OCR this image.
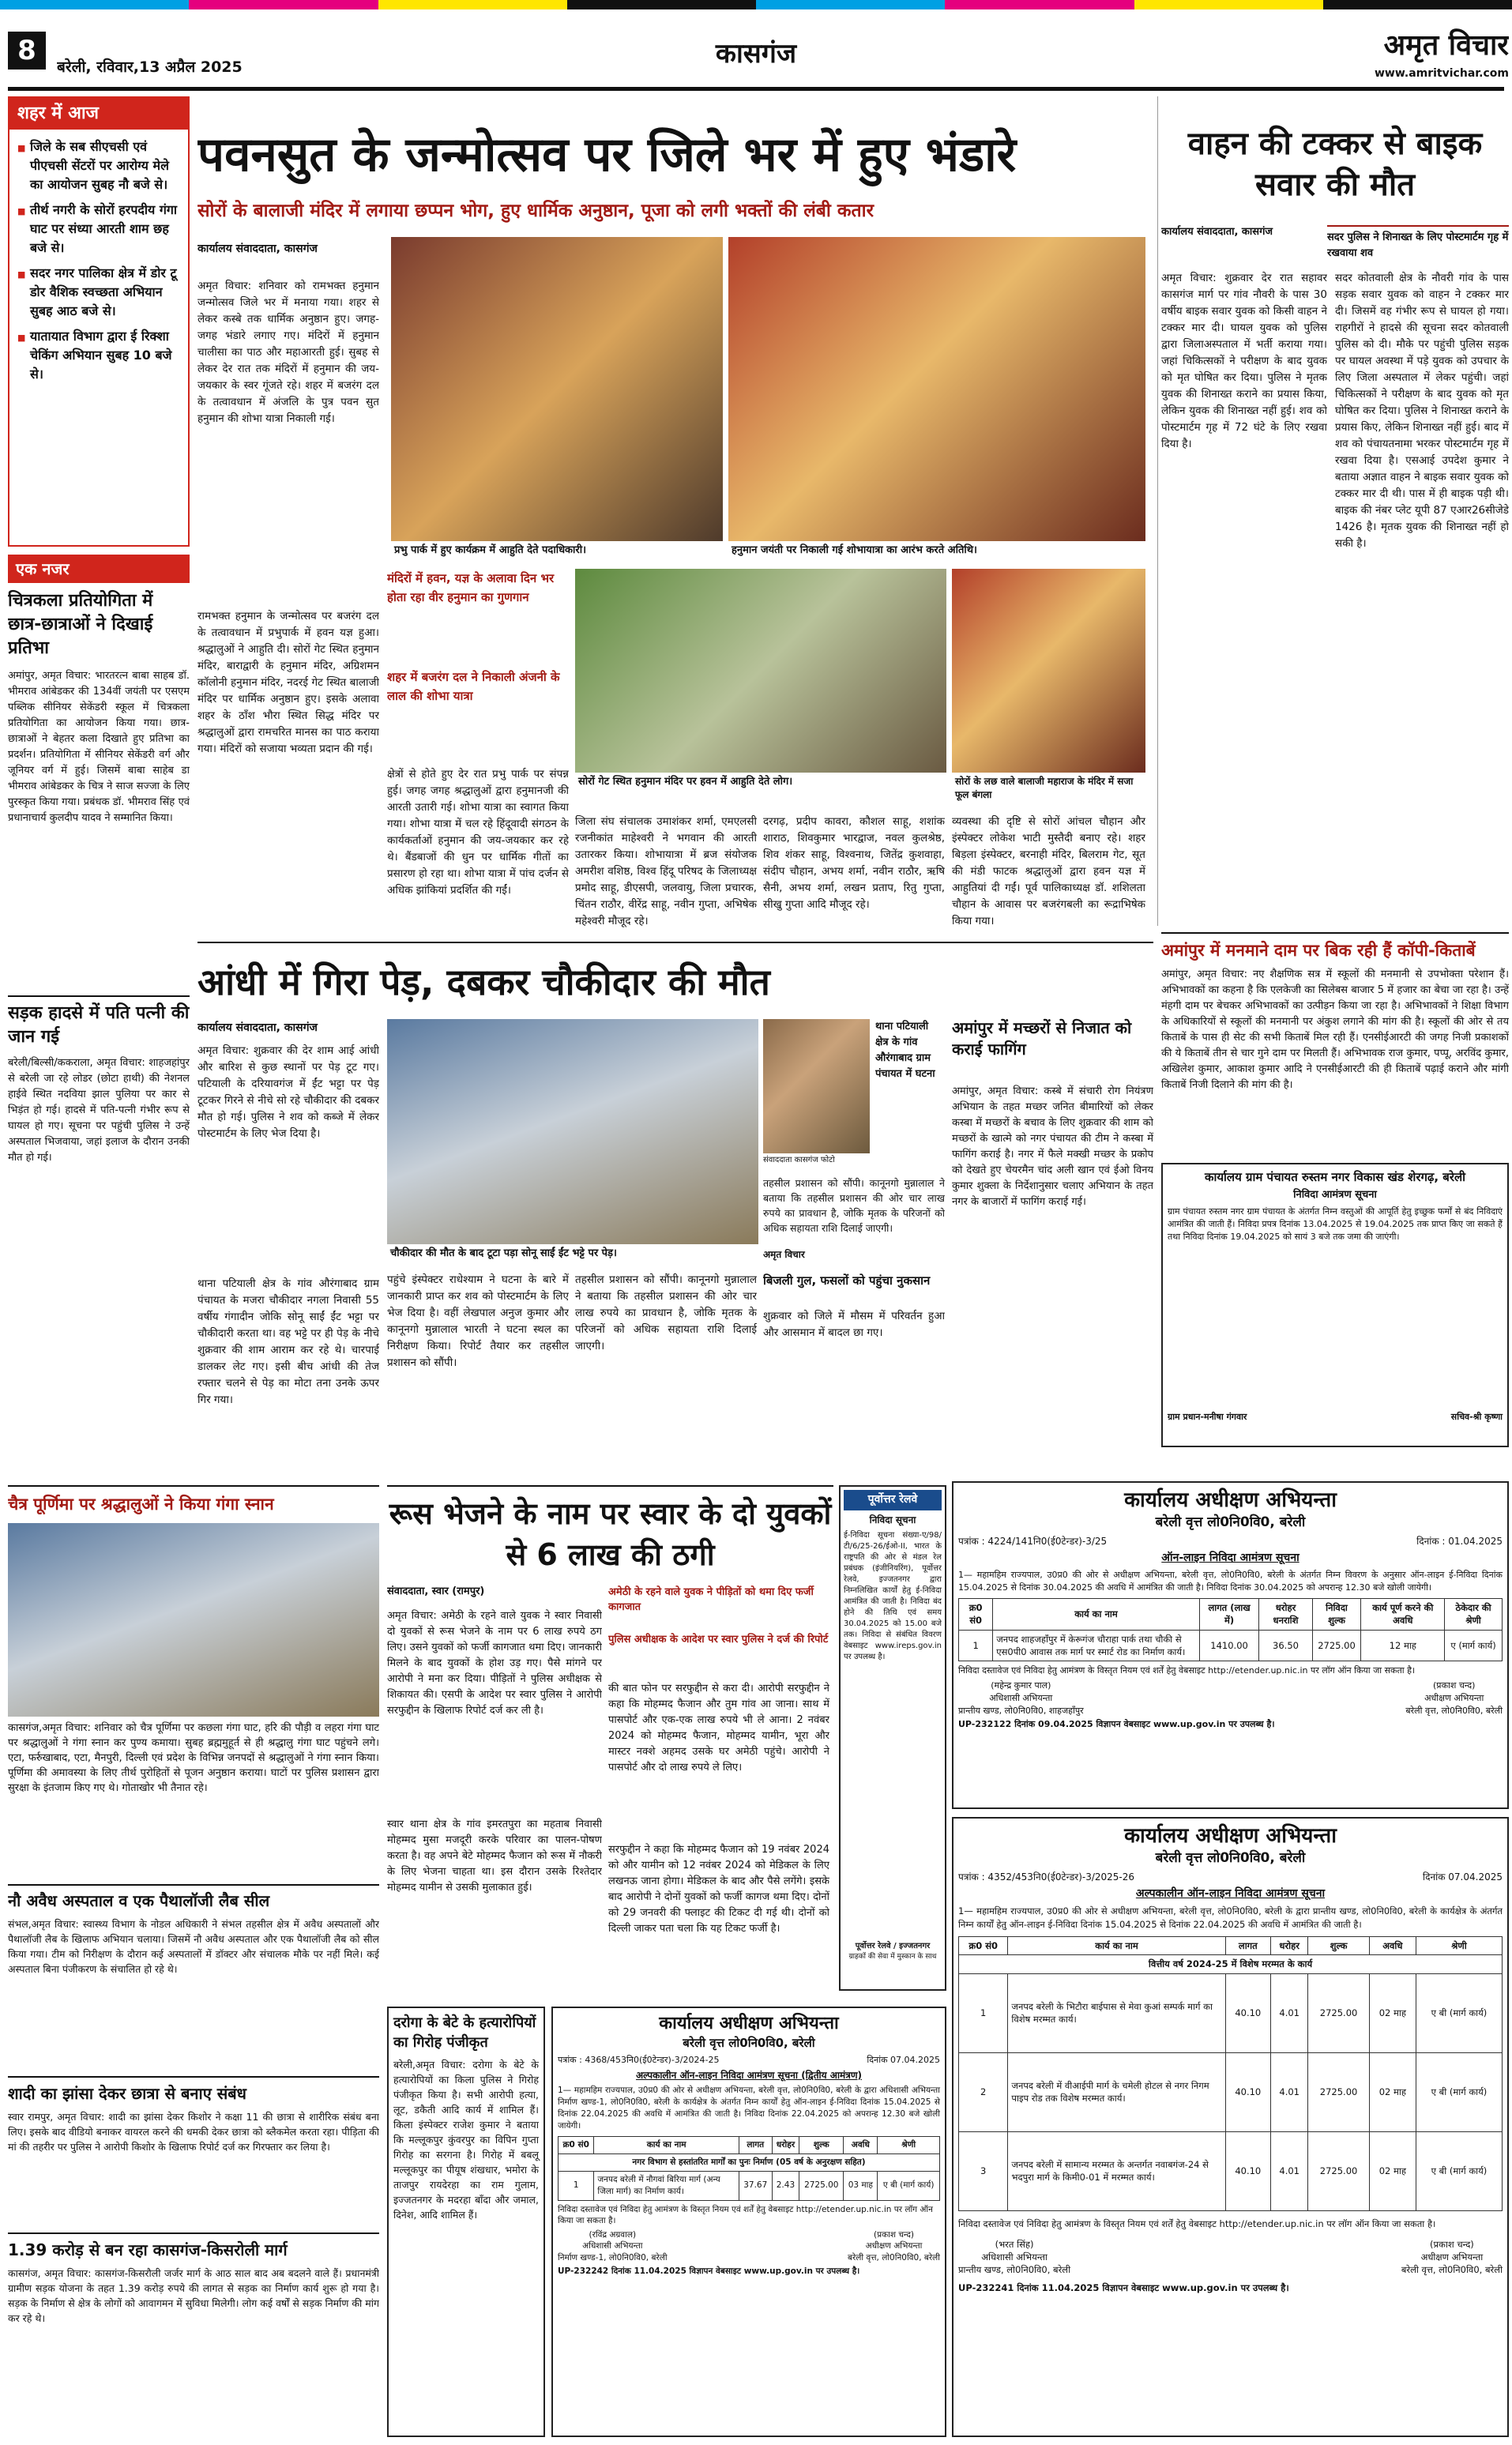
8
बरेली, रविवार,13 अप्रैल 2025	कासगंज	अमृत विचार
www.amritvichar.com
शहर में आज
■ जिले के सब सीएचसी एवं पीएचसी सेंटरों पर आरोग्य मेले का आयोजन सुबह नौ बजे से।
■ तीर्थ नगरी के सोरों हरपदीय गंगा घाट पर संध्या आरती शाम छह बजे से।
■ सदर नगर पालिका क्षेत्र में डोर टू डोर वैशिक स्वच्छता अभियान सुबह आठ बजे से।
■ यातायात विभाग द्वारा ई रिक्शा चेकिंग अभियान सुबह 10 बजे से।
एक नजर
चित्रकला प्रतियोगिता में छात्र-छात्राओं ने दिखाई प्रतिभा
अमांपुर, अमृत विचार: भारतरत्न बाबा साहब डॉ. भीमराव आंबेडकर की 134वीं जयंती पर एसएम पब्लिक सीनियर सेकेंडरी स्कूल में चित्रकला प्रतियोगिता का आयोजन किया गया। छात्र-छात्राओं ने बेहतर कला दिखाते हुए प्रतिभा का प्रदर्शन। प्रतियोगिता में सीनियर सेकेंडरी वर्ग और जूनियर वर्ग में हुई। जिसमें बाबा साहेब डा भीमराव आंबेडकर के चित्र ने साज सज्जा के लिए पुरस्कृत किया गया। प्रबंधक डॉ. भीमराव सिंह एवं प्रधानाचार्य कुलदीप यादव ने सम्मानित किया।
सड़क हादसे में पति पत्नी की जान गई
बरेली/बिल्सी/ककराला, अमृत विचार: शाहजहांपुर से बरेली जा रहे लोडर (छोटा हाथी) की नेशनल हाईवे स्थित नदविया झाल पुलिया पर कार से भिड़ंत हो गई। हादसे में पति-पत्नी गंभीर रूप से घायल हो गए। सूचना पर पहुंची पुलिस ने उन्हें अस्पताल भिजवाया, जहां इलाज के दौरान उनकी मौत हो गई।
पवनसुत के जन्मोत्सव पर जिले भर में हुए भंडारे
सोरों के बालाजी मंदिर में लगाया छप्पन भोग, हुए धार्मिक अनुष्ठान, पूजा को लगी भक्तों की लंबी कतार
कार्यालय संवाददाता, कासगंज
अमृत विचार: शनिवार को रामभक्त हनुमान जन्मोत्सव जिले भर में मनाया गया। शहर से लेकर कस्बे तक धार्मिक अनुष्ठान हुए। जगह-जगह भंडारे लगाए गए। मंदिरों में हनुमान चालीसा का पाठ और महाआरती हुई। सुबह से लेकर देर रात तक मंदिरों में हनुमान की जय-जयकार के स्वर गूंजते रहे। शहर में बजरंग दल के तत्वावधान में अंजलि के पुत्र पवन सुत हनुमान की शोभा यात्रा निकाली गई।
रामभक्त हनुमान के जन्मोत्सव पर बजरंग दल के तत्वावधान में प्रभुपार्क में हवन यज्ञ हुआ। श्रद्धालुओं ने आहुति दी। सोरों गेट स्थित हनुमान मंदिर, बाराद्वारी के हनुमान मंदिर, अग्रिशमन कॉलोनी हनुमान मंदिर, नदरई गेट स्थित बालाजी मंदिर पर धार्मिक अनुष्ठान हुए। इसके अलावा शहर के ठाँश भौरा स्थित सिद्ध मंदिर पर श्रद्धालुओं द्वारा रामचरित मानस का पाठ कराया गया। मंदिरों को सजाया भव्यता प्रदान की गई।
प्रभु पार्क में हुए कार्यक्रम में आहुति देते पदाधिकारी।	हनुमान जयंती पर निकाली गई शोभायात्रा का आरंभ करते अतिथि।
मंदिरों में हवन, यज्ञ के अलावा दिन भर होता रहा वीर हनुमान का गुणगान
शहर में बजरंग दल ने निकाली अंजनी के लाल की शोभा यात्रा
क्षेत्रों से होते हुए देर रात प्रभु पार्क पर संपन्न हुई। जगह जगह श्रद्धालुओं द्वारा हनुमानजी की आरती उतारी गई। शोभा यात्रा का स्वागत किया गया। शोभा यात्रा में चल रहे हिंदूवादी संगठन के कार्यकर्ताओं हनुमान की जय-जयकार कर रहे थे। बैंडबाजों की धुन पर धार्मिक गीतों का प्रसारण हो रहा था। शोभा यात्रा में पांच दर्जन से अधिक झांकियां प्रदर्शित की गईं।
सोरों गेट स्थित हनुमान मंदिर पर हवन में आहुति देते लोग।	सोरों के लछ वाले बालाजी महाराज के मंदिर में सजा फूल बंगला
जिला संघ संचालक उमाशंकर शर्मा, एमएलसी रजनीकांत माहेश्वरी ने भगवान की आरती उतारकर किया। शोभायात्रा में ब्रज संयोजक अमरीश वशिष्ठ, विश्व हिंदू परिषद के जिलाध्यक्ष प्रमोद साहू, डीएसपी, जलवायु, जिला प्रचारक, चिंतन राठौर, वीरेंद्र साहू, नवीन गुप्ता, अभिषेक महेश्वरी मौजूद रहे।
दरगढ़, प्रदीप कावरा, कौशल साहू, शशांक शाराठ, शिवकुमार भारद्वाज, नवल कुलश्रेष्ठ, शिव शंकर साहू, विश्वनाथ, जितेंद्र कुशवाहा, संदीप चौहान, अभय शर्मा, नवीन राठौर, ऋषि सैनी, अभय शर्मा, लखन प्रताप, रितु गुप्ता, सीखु गुप्ता आदि मौजूद रहे।
व्यवस्था की दृष्टि से सोरों आंचल चौहान और इंस्पेक्टर लोकेश भाटी मुस्तैदी बनाए रहे। शहर बिड़ला इंस्पेक्टर, बरनाही मंदिर, बिलराम गेट, सूत की मंडी फाटक श्रद्धालुओं द्वारा हवन यज्ञ में आहुतियां दी गईं। पूर्व पालिकाध्यक्ष डॉ. शशिलता चौहान के आवास पर बजरंगबली का रूद्राभिषेक किया गया।
वाहन की टक्कर से बाइक सवार की मौत
कार्यालय संवाददाता, कासगंज	सदर पुलिस ने शिनाख्त के लिए पोस्टमार्टम गृह में रखवाया शव
अमृत विचार: शुक्रवार देर रात सहावर कासगंज मार्ग पर गांव नौवरी के पास 30 वर्षीय बाइक सवार युवक को किसी वाहन ने टक्कर मार दी। घायल युवक को पुलिस द्वारा जिलाअस्पताल में भर्ती कराया गया। जहां चिकित्सकों ने परीक्षण के बाद युवक को मृत घोषित कर दिया। पुलिस ने मृतक युवक की शिनाख्त कराने का प्रयास किया, लेकिन युवक की शिनाख्त नहीं हुई। शव को पोस्टमार्टम गृह में 72 घंटे के लिए रखवा दिया है।
सदर कोतवाली क्षेत्र के नौवरी गांव के पास सड़क सवार युवक को वाहन ने टक्कर मार दी। जिसमें वह गंभीर रूप से घायल हो गया। राहगीरों ने हादसे की सूचना सदर कोतवाली पुलिस को दी। मौके पर पहुंची पुलिस सड़क पर घायल अवस्था में पड़े युवक को उपचार के लिए जिला अस्पताल में लेकर पहुंची। जहां चिकित्सकों ने परीक्षण के बाद युवक को मृत घोषित कर दिया। पुलिस ने शिनाख्त कराने के प्रयास किए, लेकिन शिनाख्त नहीं हुई। बाद में शव को पंचायतनामा भरकर पोस्टमार्टम गृह में रखवा दिया है। एसआई उपदेश कुमार ने बताया अज्ञात वाहन ने बाइक सवार युवक को टक्कर मार दी थी। पास में ही बाइक पड़ी थी। बाइक की नंबर प्लेट यूपी 87 एआर26सीजेडे 1426 है। मृतक युवक की शिनाख्त नहीं हो सकी है।
अमांपुर में मनमाने दाम पर बिक रही हैं कॉपी-किताबें
अमांपुर, अमृत विचार: नए शैक्षणिक सत्र में स्कूलों की मनमानी से उपभोक्ता परेशान हैं। अभिभावकों का कहना है कि एलकेजी का सिलेबस बाजार 5 में हजार का बेचा जा रहा है। उन्हें मंहगी दाम पर बेचकर अभिभावकों का उत्पीड़न किया जा रहा है। अभिभावकों ने शिक्षा विभाग के अधिकारियों से स्कूलों की मनमानी पर अंकुश लगाने की मांग की है। स्कूलों की ओर से तय किताबें के पास ही सेट की सभी किताबें मिल रही हैं। एनसीईआरटी की जगह निजी प्रकाशकों की ये किताबें तीन से चार गुने दाम पर मिलती हैं। अभिभावक राज कुमार, पप्पू, अरविंद कुमार, अखिलेश कुमार, आकाश कुमार आदि ने एनसीईआरटी की ही किताबें पढ़ाई कराने और मांगी किताबें निजी दिलाने की मांग की है।
आंधी में गिरा पेड़, दबकर चौकीदार की मौत
कार्यालय संवाददाता, कासगंज
अमृत विचार: शुक्रवार की देर शाम आई आंधी और बारिश से कुछ स्थानों पर पेड़ टूट गए। पटियाली के दरियावगंज में ईंट भट्टा पर पेड़ टूटकर गिरने से नीचे सो रहे चौकीदार की दबकर मौत हो गई। पुलिस ने शव को कब्जे में लेकर पोस्टमार्टम के लिए भेज दिया है।
थाना पटियाली क्षेत्र के गांव औरंगाबाद ग्राम पंचायत के मजरा चौकीदार नगला निवासी 55 वर्षीय गंगादीन जोकि सोनू साईं ईंट भट्टा पर चौकीदारी करता था। वह भट्टे पर ही पेड़ के नीचे शुक्रवार की शाम आराम कर रहे थे। चारपाई डालकर लेट गए। इसी बीच आंधी की तेज रफ्तार चलने से पेड़ का मोटा तना उनके ऊपर गिर गया।
चौकीदार की मौत के बाद टूटा पड़ा सोनू साईं ईंट भट्टे पर पेड़।
संवाददाता कासगंज फोटो
थाना पटियाली क्षेत्र के गांव औरंगाबाद ग्राम पंचायत में घटना
अमृत विचार
पहुंचे इंस्पेक्टर राधेश्याम ने घटना के बारे में जानकारी प्राप्त कर शव को पोस्टमार्टम के लिए भेज दिया है। वहीं लेखपाल अनुज कुमार और कानूनगो मुन्नालाल भारती ने घटना स्थल का निरीक्षण किया। रिपोर्ट तैयार कर तहसील प्रशासन को सौंपी।
तहसील प्रशासन को सौंपी। कानूनगो मुन्नालाल ने बताया कि तहसील प्रशासन की ओर चार लाख रुपये का प्रावधान है, जोकि मृतक के परिजनों को अधिक सहायता राशि दिलाई जाएगी।
तहसील प्रशासन को सौंपी। कानूनगो मुन्नालाल ने बताया कि तहसील प्रशासन की ओर चार लाख रुपये का प्रावधान है, जोकि मृतक के परिजनों को अधिक सहायता राशि दिलाई जाएगी।
बिजली गुल, फसलों को पहुंचा नुकसान
शुक्रवार को जिले में मौसम में परिवर्तन हुआ और आसमान में बादल छा गए।
अमांपुर में मच्छरों से निजात को कराई फागिंग
अमांपुर, अमृत विचार: कस्बे में संचारी रोग नियंत्रण अभियान के तहत मच्छर जनित बीमारियों को लेकर कस्बा में मच्छरों के बचाव के लिए शुक्रवार की शाम को मच्छरों के खात्मे को नगर पंचायत की टीम ने कस्बा में फागिंग कराई है। नगर में फैले मक्खी मच्छर के प्रकोप को देखते हुए चेयरमैन चांद अली खान एवं ईओ विनय कुमार शुक्ला के निर्देशानुसार चलाए अभियान के तहत नगर के बाजारों में फागिंग कराई गई।
कार्यालय ग्राम पंचायत रुस्तम नगर विकास खंड शेरगढ़, बरेली
निविदा आमंत्रण सूचना
ग्राम पंचायत रुस्तम नगर ग्राम पंचायत के अंतर्गत निम्न वस्तुओं की आपूर्ति हेतु इच्छुक फर्मों से बंद निविदाएं आमंत्रित की जाती हैं। निविदा प्रपत्र दिनांक 13.04.2025 से 19.04.2025 तक प्राप्त किए जा सकते हैं तथा निविदा दिनांक 19.04.2025 को सायं 3 बजे तक जमा की जाएंगी।
ग्राम प्रधान-मनीषा गंगवार	सचिव-श्री कृष्णा
कार्यालय अधीक्षण अभियन्ता
बरेली वृत्त लो0नि0वि0, बरेली
पत्रांक : 4224/141नि0(ई0टेन्डर)-3/25	दिनांक : 01.04.2025
ऑन-लाइन निविदा आमंत्रण सूचना
1— महामहिम राज्यपाल, उ0प्र0 की ओर से अधीक्षण अभियन्ता, बरेली वृत्त, लो0नि0वि0, बरेली के अंतर्गत निम्न विवरण के अनुसार ऑन-लाइन ई-निविदा दिनांक 15.04.2025 से दिनांक 30.04.2025 की अवधि में आमंत्रित की जाती है। निविदा दिनांक 30.04.2025 को अपरान्ह 12.30 बजे खोली जायेगी।
क्र0 सं0	कार्य का नाम	लागत (लाख में)	धरोहर धनराशि	निविदा शुल्क	कार्य पूर्ण करने की अवधि	ठेकेदार की श्रेणी
1	जनपद शाहजहाँपुर में केरूगंज चौराहा पार्क तथा चौकी से एस0पी0 आवास तक मार्ग पर स्मार्ट रोड का निर्माण कार्य।	1410.00	36.50	2725.00	12 माह	ए (मार्ग कार्य)
निविदा दस्तावेज एवं निविदा हेतु आमंत्रण के विस्तृत नियम एवं शर्तें हेतु वेबसाइट http://etender.up.nic.in पर लॉग ऑन किया जा सकता है।
(महेन्द्र कुमार पाल)
अधिशासी अभियन्ता
प्रान्तीय खण्ड, लो0नि0वि0, शाहजहाँपुर
(प्रकाश चन्द)
अधीक्षण अभियन्ता
बरेली वृत्त, लो0नि0वि0, बरेली
UP-232122 दिनांक 09.04.2025 विज्ञापन वेबसाइट www.up.gov.in पर उपलब्ध है।
चैत्र पूर्णिमा पर श्रद्धालुओं ने किया गंगा स्नान
कासगंज,अमृत विचार: शनिवार को चैत्र पूर्णिमा पर कछला गंगा घाट, हरि की पौड़ी व लहरा गंगा घाट पर श्रद्धालुओं ने गंगा स्नान कर पुण्य कमाया। सुबह ब्रह्ममुहूर्त से ही श्रद्धालु गंगा घाट पहुंचने लगे। एटा, फर्रुखाबाद, एटा, मैनपुरी, दिल्ली एवं प्रदेश के विभिन्न जनपदों से श्रद्धालुओं ने गंगा स्नान किया। पूर्णिमा की अमावस्या के लिए तीर्थ पुरोहितों से पूजन अनुष्ठान कराया। घाटों पर पुलिस प्रशासन द्वारा सुरक्षा के इंतजाम किए गए थे। गोताखोर भी तैनात रहे।
नौ अवैध अस्पताल व एक पैथालॉजी लैब सील
संभल,अमृत विचार: स्वास्थ्य विभाग के नोडल अधिकारी ने संभल तहसील क्षेत्र में अवैध अस्पतालों और पैथालॉजी लैब के खिलाफ अभियान चलाया। जिसमें नौ अवैध अस्पताल और एक पैथालॉजी लैब को सील किया गया। टीम को निरीक्षण के दौरान कई अस्पतालों में डॉक्टर और संचालक मौके पर नहीं मिले। कई अस्पताल बिना पंजीकरण के संचालित हो रहे थे।
शादी का झांसा देकर छात्रा से बनाए संबंध
स्वार रामपुर, अमृत विचार: शादी का झांसा देकर किशोर ने कक्षा 11 की छात्रा से शारीरिक संबंध बना लिए। इसके बाद वीडियो बनाकर वायरल करने की धमकी देकर छात्रा को ब्लैकमेल करता रहा। पीड़िता की मां की तहरीर पर पुलिस ने आरोपी किशोर के खिलाफ रिपोर्ट दर्ज कर गिरफ्तार कर लिया है।
1.39 करोड़ से बन रहा कासगंज-किसरोली मार्ग
कासगंज, अमृत विचार: कासगंज-किसरौली जर्जर मार्ग के आठ साल बाद अब बदलने वाले हैं। प्रधानमंत्री ग्रामीण सड़क योजना के तहत 1.39 करोड़ रुपये की लागत से सड़क का निर्माण कार्य शुरू हो गया है। सड़क के निर्माण से क्षेत्र के लोगों को आवागमन में सुविधा मिलेगी। लोग कई वर्षों से सड़क निर्माण की मांग कर रहे थे।
रूस भेजने के नाम पर स्वार के दो युवकों से 6 लाख की ठगी
संवाददाता, स्वार (रामपुर)	अमेठी के रहने वाले युवक ने पीड़ितों को थमा दिए फर्जी कागजात
पुलिस अधीक्षक के आदेश पर स्वार पुलिस ने दर्ज की रिपोर्ट
अमृत विचार: अमेठी के रहने वाले युवक ने स्वार निवासी दो युवकों से रूस भेजने के नाम पर 6 लाख रुपये ठग लिए। उसने युवकों को फर्जी कागजात थमा दिए। जानकारी मिलने के बाद युवकों के होश उड़ गए। पैसे मांगने पर आरोपी ने मना कर दिया। पीड़ितों ने पुलिस अधीक्षक से शिकायत की। एसपी के आदेश पर स्वार पुलिस ने आरोपी सरफुद्दीन के खिलाफ रिपोर्ट दर्ज कर ली है।
स्वार थाना क्षेत्र के गांव इमरतपुरा का महताब निवासी मोहम्मद मुसा मजदूरी करके परिवार का पालन-पोषण करता है। वह अपने बेटे मोहम्मद फैजान को रूस में नौकरी के लिए भेजना चाहता था। इस दौरान उसके रिश्तेदार मोहम्मद यामीन से उसकी मुलाकात हुई।
की बात फोन पर सरफुद्दीन से करा दी। आरोपी सरफुद्दीन ने कहा कि मोहम्मद फैजान और तुम गांव आ जाना। साथ में पासपोर्ट और एक-एक लाख रुपये भी ले आना। 2 नवंबर 2024 को मोहम्मद फैजान, मोहम्मद यामीन, भूरा और मास्टर नक्शे अहमद उसके घर अमेठी पहुंचे। आरोपी ने पासपोर्ट और दो लाख रुपये ले लिए।
सरफुद्दीन ने कहा कि मोहम्मद फैजान को 19 नवंबर 2024 को और यामीन को 12 नवंबर 2024 को मेडिकल के लिए लखनऊ जाना होगा। मेडिकल के बाद और पैसे लगेंगे। इसके बाद आरोपी ने दोनों युवकों को फर्जी कागज थमा दिए। दोनों को 29 जनवरी की फ्लाइट की टिकट दी गई थी। दोनों को दिल्ली जाकर पता चला कि यह टिकट फर्जी है।
पूर्वोत्तर रेलवे
निविदा सूचना
ई-निविदा सूचना संख्या-ए/98/टी/6/25-26/ईओ-II, भारत के राष्ट्रपति की ओर से मंडल रेल प्रबंधक (इंजीनियरिंग), पूर्वोत्तर रेलवे, इज्जतनगर द्वारा निम्नलिखित कार्यों हेतु ई-निविदा आमंत्रित की जाती है। निविदा बंद होने की तिथि एवं समय 30.04.2025 को 15.00 बजे तक। निविदा से संबंधित विवरण वेबसाइट www.ireps.gov.in पर उपलब्ध है।
पूर्वोत्तर रेलवे / इज्जतनगर
ग्राहकों की सेवा में मुस्कान के साथ
दरोगा के बेटे के हत्यारोपियों का गिरोह पंजीकृत
बरेली,अमृत विचार: दरोगा के बेटे के हत्यारोपियों का किला पुलिस ने गिरोह पंजीकृत किया है। सभी आरोपी हत्या, लूट, डकैती आदि कार्य में शामिल हैं। किला इंस्पेक्टर राजेश कुमार ने बताया कि मल्लूकपुर कुंवरपुर का विपिन गुप्ता गिरोह का सरगना है। गिरोह में बबलू मल्लूकपुर का पीयूष शंखधार, भमोरा के ताजपुर रायदेरहा का राम गुलाम, इज्जतनगर के मदरहा बाँदा और जमाल, दिनेश, आदि शामिल हैं।
कार्यालय अधीक्षण अभियन्ता
बरेली वृत्त लो0नि0वि0, बरेली
पत्रांक : 4368/453नि0(ई0टेन्डर)-3/2024-25	दिनांक 07.04.2025
अल्पकालीन ऑन-लाइन निविदा आमंत्रण सूचना (द्वितीय आमंत्रण)
1— महामहिम राज्यपाल, उ0प्र0 की ओर से अधीक्षण अभियन्ता, बरेली वृत्त, लो0नि0वि0, बरेली के द्वारा अधिशासी अभियन्ता निर्माण खण्ड-1, लो0नि0वि0, बरेली के कार्यक्षेत्र के अंतर्गत निम्न कार्यों हेतु ऑन-लाइन ई-निविदा दिनांक 15.04.2025 से दिनांक 22.04.2025 की अवधि में आमंत्रित की जाती है। निविदा दिनांक 22.04.2025 को अपरान्ह 12.30 बजे खोली जायेगी।
क्र0 सं0	कार्य का नाम	लागत	धरोहर	शुल्क	अवधि	श्रेणी
नगर विभाग से हस्तांतरित मार्गों का पुनः निर्माण (05 वर्ष के अनुरक्षण सहित)						
1	जनपद बरेली में नौगवां बिरिया मार्ग (अन्य जिला मार्ग) का निर्माण कार्य।	37.67	2.43	2725.00	03 माह	ए बी (मार्ग कार्य)
निविदा दस्तावेज एवं निविदा हेतु आमंत्रण के विस्तृत नियम एवं शर्तें हेतु वेबसाइट http://etender.up.nic.in पर लॉग ऑन किया जा सकता है।
(रविंद्र अग्रवाल)
अधिशासी अभियन्ता
निर्माण खण्ड-1, लो0नि0वि0, बरेली
(प्रकाश चन्द)
अधीक्षण अभियन्ता
बरेली वृत्त, लो0नि0वि0, बरेली
UP-232242 दिनांक 11.04.2025 विज्ञापन वेबसाइट www.up.gov.in पर उपलब्ध है।
कार्यालय अधीक्षण अभियन्ता
बरेली वृत्त लो0नि0वि0, बरेली
पत्रांक : 4352/453नि0(ई0टेन्डर)-3/2025-26	दिनांक 07.04.2025
अल्पकालीन ऑन-लाइन निविदा आमंत्रण सूचना
1— महामहिम राज्यपाल, उ0प्र0 की ओर से अधीक्षण अभियन्ता, बरेली वृत्त, लो0नि0वि0, बरेली के द्वारा प्रान्तीय खण्ड, लो0नि0वि0, बरेली के कार्यक्षेत्र के अंतर्गत निम्न कार्यों हेतु ऑन-लाइन ई-निविदा दिनांक 15.04.2025 से दिनांक 22.04.2025 की अवधि में आमंत्रित की जाती है।
क्र0 सं0	कार्य का नाम	लागत	धरोहर	शुल्क	अवधि	श्रेणी
वित्तीय वर्ष 2024-25 में विशेष मरम्मत के कार्य						
1	जनपद बरेली के भिटौरा बाईपास से मेवा कुआं सम्पर्क मार्ग का विशेष मरम्मत कार्य।	40.10	4.01	2725.00	02 माह	ए बी (मार्ग कार्य)
2	जनपद बरेली में वीआईपी मार्ग के चमेली होटल से नगर निगम पाइप रोड तक विशेष मरम्मत कार्य।	40.10	4.01	2725.00	02 माह	ए बी (मार्ग कार्य)
3	जनपद बरेली में सामान्य मरम्मत के अन्तर्गत नवाबगंज-24 से भदपुरा मार्ग के किमी0-01 में मरम्मत कार्य।	40.10	4.01	2725.00	02 माह	ए बी (मार्ग कार्य)
निविदा दस्तावेज एवं निविदा हेतु आमंत्रण के विस्तृत नियम एवं शर्तें हेतु वेबसाइट http://etender.up.nic.in पर लॉग ऑन किया जा सकता है।
(भरत सिंह)
अधिशासी अभियन्ता
प्रान्तीय खण्ड, लो0नि0वि0, बरेली
(प्रकाश चन्द)
अधीक्षण अभियन्ता
बरेली वृत्त, लो0नि0वि0, बरेली
UP-232241 दिनांक 11.04.2025 विज्ञापन वेबसाइट www.up.gov.in पर उपलब्ध है।
